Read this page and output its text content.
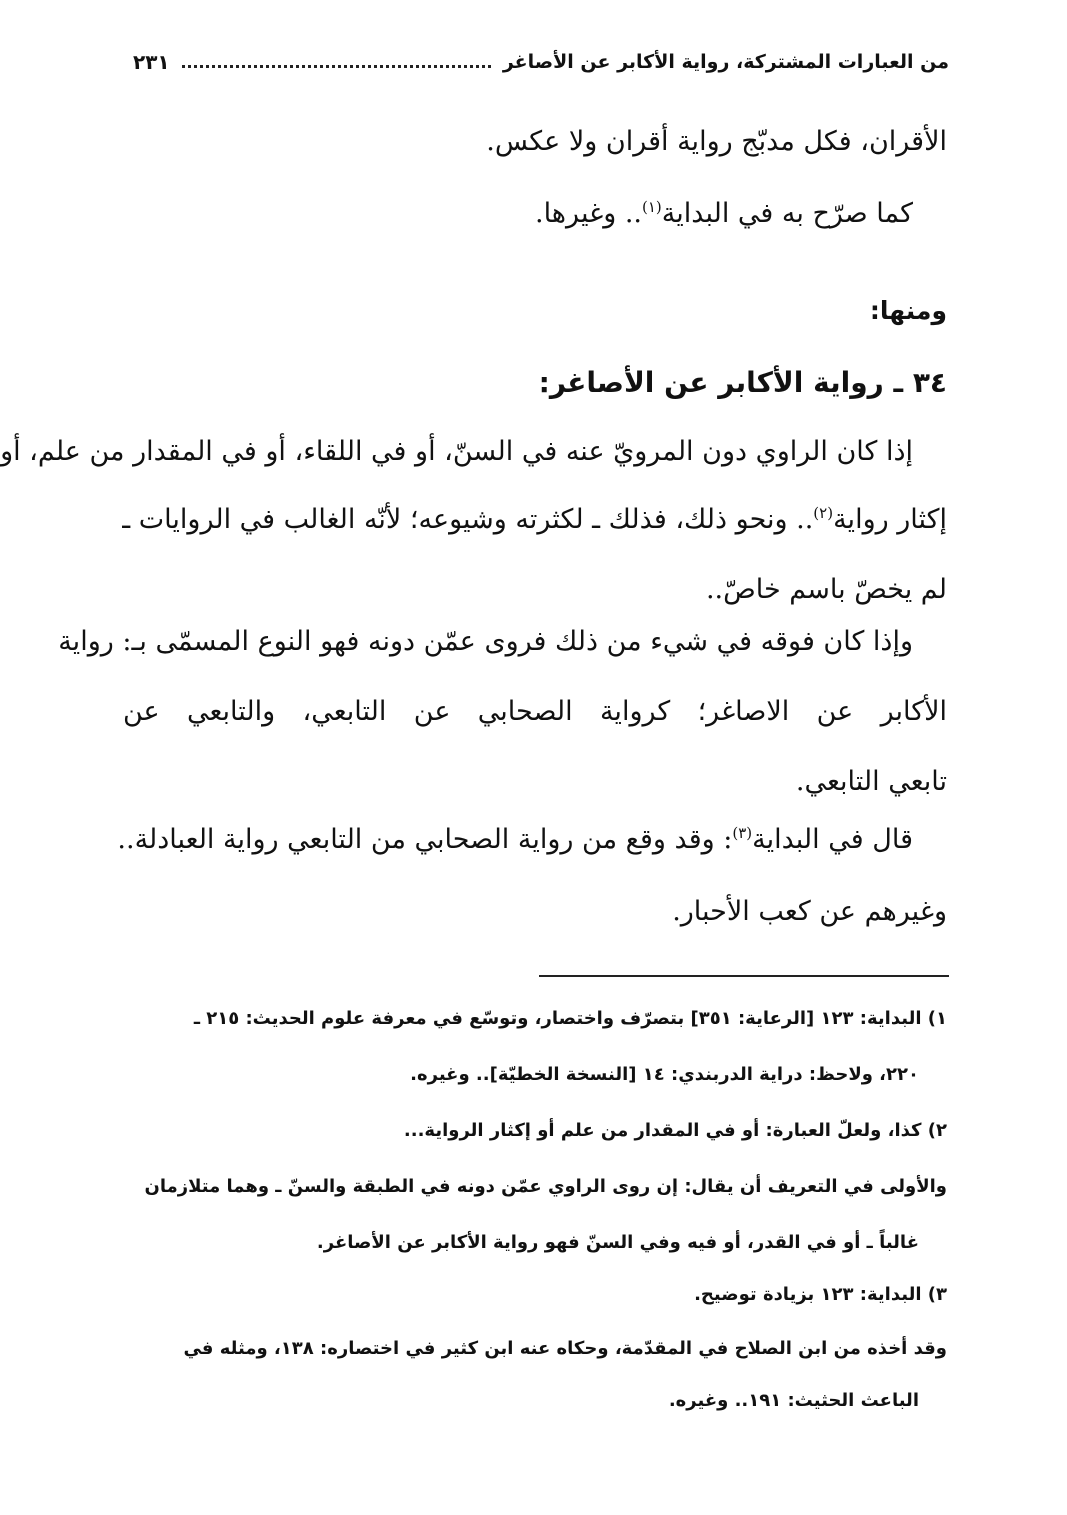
من العبارات المشتركة، رواية الأكابر عن الأصاغر
٢٣١
الأقران، فكل مدبّج رواية أقران ولا عكس.
كما صرّح به في البداية$^{(١)}$.. وغيرها.
ومنها:
٣٤ ـ رواية الأكابر عن الأصاغر:
إذا كان الراوي دون المرويّ عنه في السنّ، أو في اللقاء، أو في المقدار من علم، أو
إكثار رواية$^{(٢)}$.. ونحو ذلك، فذلك ـ لكثرته وشيوعه؛ لأنّه الغالب في الروايات ـ
لم يخصّ باسم خاصّ..
وإذا كان فوقه في شيء من ذلك فروى عمّن دونه فهو النوع المسمّى بـ: رواية
الأكابر عن الاصاغر؛ كرواية الصحابي عن التابعي، والتابعي عن
تابعي التابعي.
قال في البداية$^{(٣)}$: وقد وقع من رواية الصحابي من التابعي رواية العبادلة..
وغيرهم عن كعب الأحبار.
١) البداية: ١٢٣ [الرعاية: ٣٥١] بتصرّف واختصار، وتوسّع في معرفة علوم الحديث: ٢١٥ ـ
٢٢٠، ولاحظ: دراية الدربندي: ١٤ [النسخة الخطيّة].. وغيره.
٢) كذا، ولعلّ العبارة: أو في المقدار من علم أو إكثار الرواية...
والأولى في التعريف أن يقال: إن روى الراوي عمّن دونه في الطبقة والسنّ ـ وهما متلازمان
غالباً ـ أو في القدر، أو فيه وفي السنّ فهو رواية الأكابر عن الأصاغر.
٣) البداية: ١٢٣ بزيادة توضيح.
وقد أخذه من ابن الصلاح في المقدّمة، وحكاه عنه ابن كثير في اختصاره: ١٣٨، ومثله في
الباعث الحثيث: ١٩١.. وغيره.
